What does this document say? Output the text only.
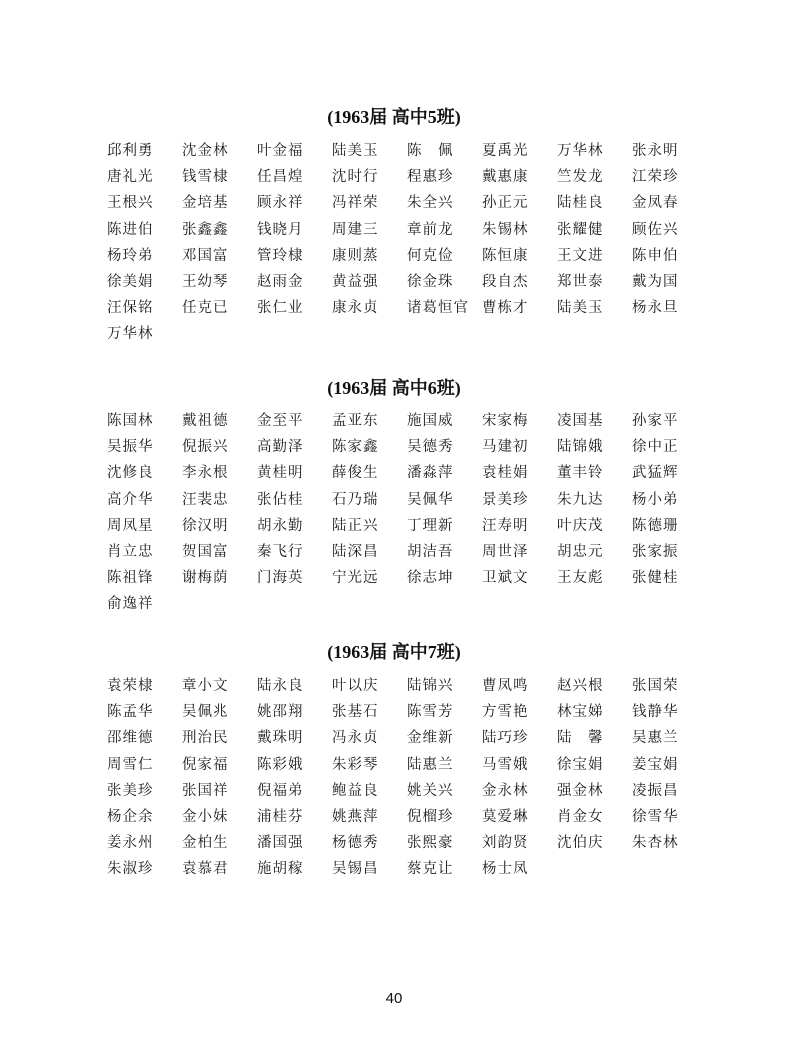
(1963届 高中5班)
邱利勇	沈金林	叶金福	陆美玉	陈　佩	夏禹光	万华林	张永明
唐礼光	钱雪棣	任昌煌	沈时行	程惠珍	戴惠康	竺发龙	江荣珍
王根兴	金培基	顾永祥	冯祥荣	朱全兴	孙正元	陆桂良	金凤春
陈进伯	张鑫鑫	钱晓月	周建三	章前龙	朱锡林	张耀健	顾佐兴
杨玲弟	邓国富	管玲棣	康则蒸	何克俭	陈恒康	王文进	陈申伯
徐美娟	王幼琴	赵雨金	黄益强	徐金珠	段自杰	郑世泰	戴为国
汪保铭	任克已	张仁业	康永贞	诸葛恒官 曹栋才	陆美玉	杨永旦
万华林
(1963届 高中6班)
陈国林	戴祖德	金至平	孟亚东	施国威	宋家梅	凌国基	孙家平
吴振华	倪振兴	高勤泽	陈家鑫	吴德秀	马建初	陆锦娥	徐中正
沈修良	李永根	黄桂明	薛俊生	潘淼萍	袁桂娟	董丰铃	武猛辉
高介华	汪裴忠	张佔桂	石乃瑞	吴佩华	景美珍	朱九达	杨小弟
周凤星	徐汉明	胡永勤	陆正兴	丁理新	汪寿明	叶庆茂	陈德珊
肖立忠	贺国富	秦飞行	陆深昌	胡洁吾	周世泽	胡忠元	张家振
陈祖锋	谢梅荫	门海英	宁光远	徐志坤	卫斌文	王友彪	张健桂
俞逸祥
(1963届 高中7班)
袁荣棣	章小文	陆永良	叶以庆	陆锦兴	曹凤鸣	赵兴根	张国荣
陈孟华	吴佩兆	姚邵翔	张基石	陈雪芳	方雪艳	林宝娣	钱静华
邵维德	刑治民	戴珠明	冯永贞	金维新	陆巧珍	陆　馨	吴惠兰
周雪仁	倪家福	陈彩娥	朱彩琴	陆惠兰	马雪娥	徐宝娟	姜宝娟
张美珍	张国祥	倪福弟	鲍益良	姚关兴	金永林	强金林	凌振昌
杨企余	金小妹	浦桂芬	姚燕萍	倪榴珍	莫爱琳	肖金女	徐雪华
姜永州	金柏生	潘国强	杨德秀	张熙豪	刘韵贤	沈伯庆	朱杏林
朱淑珍	袁慕君	施胡稼	吴锡昌	蔡克让	杨士凤
40
